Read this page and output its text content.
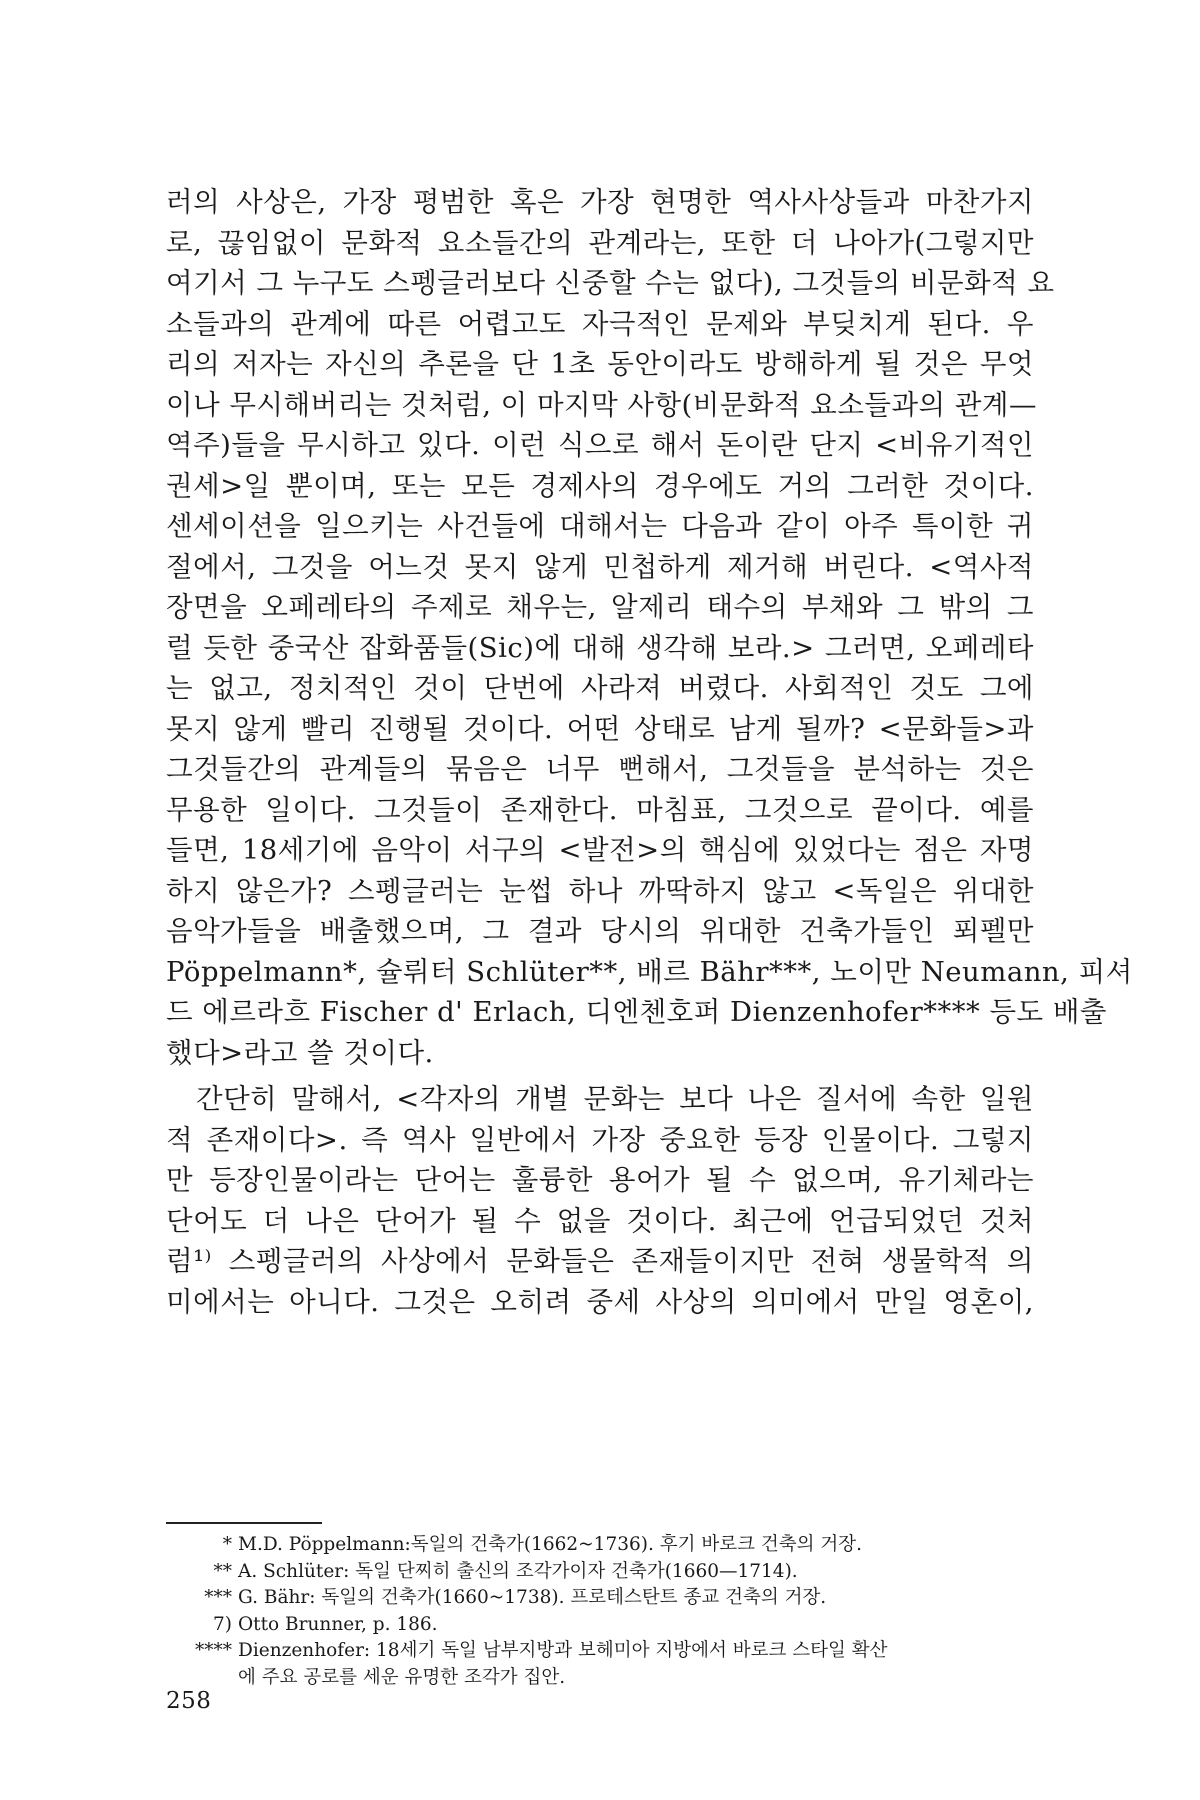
러의 사상은, 가장 평범한 혹은 가장 현명한 역사사상들과 마찬가지
로, 끊임없이 문화적 요소들간의 관계라는, 또한 더 나아가(그렇지만
여기서 그 누구도 스펭글러보다 신중할 수는 없다), 그것들의 비문화적 요
소들과의 관계에 따른 어렵고도 자극적인 문제와 부딪치게 된다. 우
리의 저자는 자신의 추론을 단 1초 동안이라도 방해하게 될 것은 무엇
이나 무시해버리는 것처럼, 이 마지막 사항(비문화적 요소들과의 관계—
역주)들을 무시하고 있다. 이런 식으로 해서 돈이란 단지 <비유기적인
권세>일 뿐이며, 또는 모든 경제사의 경우에도 거의 그러한 것이다.
센세이션을 일으키는 사건들에 대해서는 다음과 같이 아주 특이한 귀
절에서, 그것을 어느것 못지 않게 민첩하게 제거해 버린다. <역사적
장면을 오페레타의 주제로 채우는, 알제리 태수의 부채와 그 밖의 그
럴 듯한 중국산 잡화품들(Sic)에 대해 생각해 보라.> 그러면, 오페레타
는 없고, 정치적인 것이 단번에 사라져 버렸다. 사회적인 것도 그에
못지 않게 빨리 진행될 것이다. 어떤 상태로 남게 될까? <문화들>과
그것들간의 관계들의 묶음은 너무 뻔해서, 그것들을 분석하는 것은
무용한 일이다. 그것들이 존재한다. 마침표, 그것으로 끝이다. 예를
들면, 18세기에 음악이 서구의 <발전>의 핵심에 있었다는 점은 자명
하지 않은가? 스펭글러는 눈썹 하나 까딱하지 않고 <독일은 위대한
음악가들을 배출했으며, 그 결과 당시의 위대한 건축가들인 푀펠만
Pöppelmann*, 슐뤼터 Schlüter**, 배르 Bähr***, 노이만 Neumann, 피셔
드 에르라흐 Fischer d' Erlach, 디엔첸호퍼 Dienzenhofer**** 등도 배출
했다>라고 쓸 것이다.
간단히 말해서, <각자의 개별 문화는 보다 나은 질서에 속한 일원
적 존재이다>. 즉 역사 일반에서 가장 중요한 등장 인물이다. 그렇지
만 등장인물이라는 단어는 훌륭한 용어가 될 수 없으며, 유기체라는
단어도 더 나은 단어가 될 수 없을 것이다. 최근에 언급되었던 것처
럼¹⁾ 스펭글러의 사상에서 문화들은 존재들이지만 전혀 생물학적 의
미에서는 아니다. 그것은 오히려 중세 사상의 의미에서 만일 영혼이,
* M.D. Pöppelmann:독일의 건축가(1662~1736). 후기 바로크 건축의 거장.
** A. Schlüter: 독일 단찌히 출신의 조각가이자 건축가(1660—1714).
*** G. Bähr: 독일의 건축가(1660~1738). 프로테스탄트 종교 건축의 거장.
7) Otto Brunner, p. 186.
**** Dienzenhofer: 18세기 독일 남부지방과 보헤미아 지방에서 바로크 스타일 확산
에 주요 공로를 세운 유명한 조각가 집안.
258
